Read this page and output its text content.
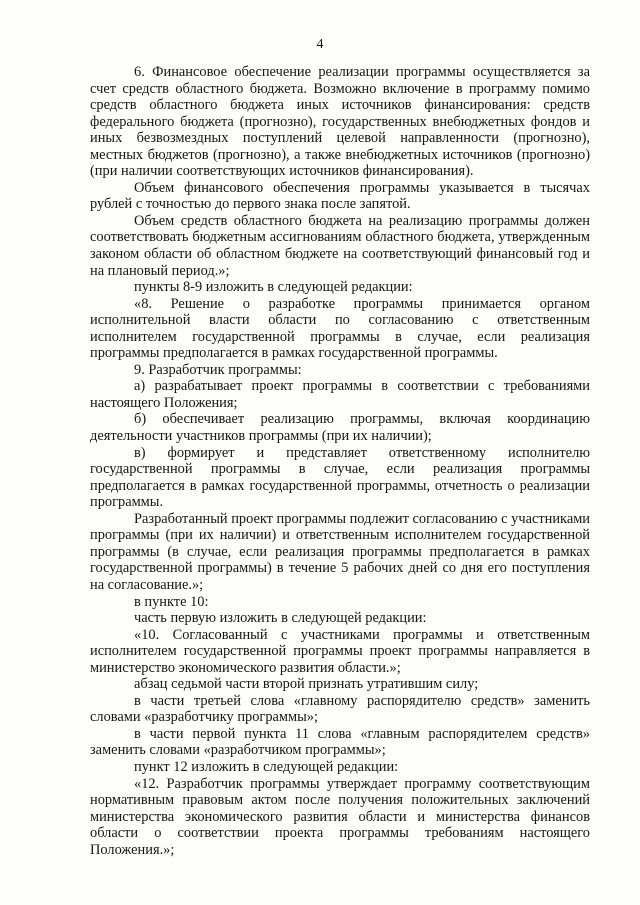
4

6. Финансовое обеспечение реализации программы осуществляется за счет средств областного бюджета. Возможно включение в программу помимо средств областного бюджета иных источников финансирования: средств федерального бюджета (прогнозно), государственных внебюджетных фондов и иных безвозмездных поступлений целевой направленности (прогнозно), местных бюджетов (прогнозно), а также внебюджетных источников (прогнозно) (при наличии соответствующих источников финансирования).

Объем финансового обеспечения программы указывается в тысячах рублей с точностью до первого знака после запятой.

Объем средств областного бюджета на реализацию программы должен соответствовать бюджетным ассигнованиям областного бюджета, утвержденным законом области об областном бюджете на соответствующий финансовый год и на плановый период.»;

пункты 8-9 изложить в следующей редакции:

«8. Решение о разработке программы принимается органом исполнительной власти области по согласованию с ответственным исполнителем государственной программы в случае, если реализация программы предполагается в рамках государственной программы.

9. Разработчик программы:

а) разрабатывает проект программы в соответствии с требованиями настоящего Положения;

б) обеспечивает реализацию программы, включая координацию деятельности участников программы (при их наличии);

в) формирует и представляет ответственному исполнителю государственной программы в случае, если реализация программы предполагается в рамках государственной программы, отчетность о реализации программы.

Разработанный проект программы подлежит согласованию с участниками программы (при их наличии) и ответственным исполнителем государственной программы (в случае, если реализация программы предполагается в рамках государственной программы) в течение 5 рабочих дней со дня его поступления на согласование.»;

в пункте 10:

часть первую изложить в следующей редакции:

«10. Согласованный с участниками программы и ответственным исполнителем государственной программы проект программы направляется в министерство экономического развития области.»;

абзац седьмой части второй признать утратившим силу;

в части третьей слова «главному распорядителю средств» заменить словами «разработчику программы»;

в части первой пункта 11 слова «главным распорядителем средств» заменить словами «разработчиком программы»;

пункт 12 изложить в следующей редакции:

«12. Разработчик программы утверждает программу соответствующим нормативным правовым актом после получения положительных заключений министерства экономического развития области и министерства финансов области о соответствии проекта программы требованиям настоящего Положения.»;
